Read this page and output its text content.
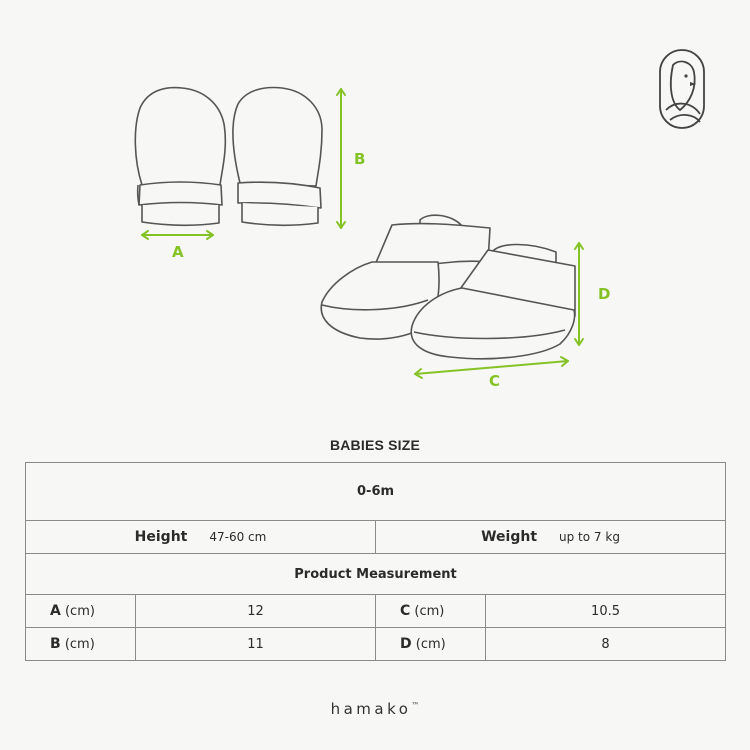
A
B
C
D
BABIES SIZE
0-6m			
Height 47-60 cm		Weight up to 7 kg	
Product Measurement			
A (cm)	12	C (cm)	10.5
B (cm)	11	D (cm)	8
hamako™
